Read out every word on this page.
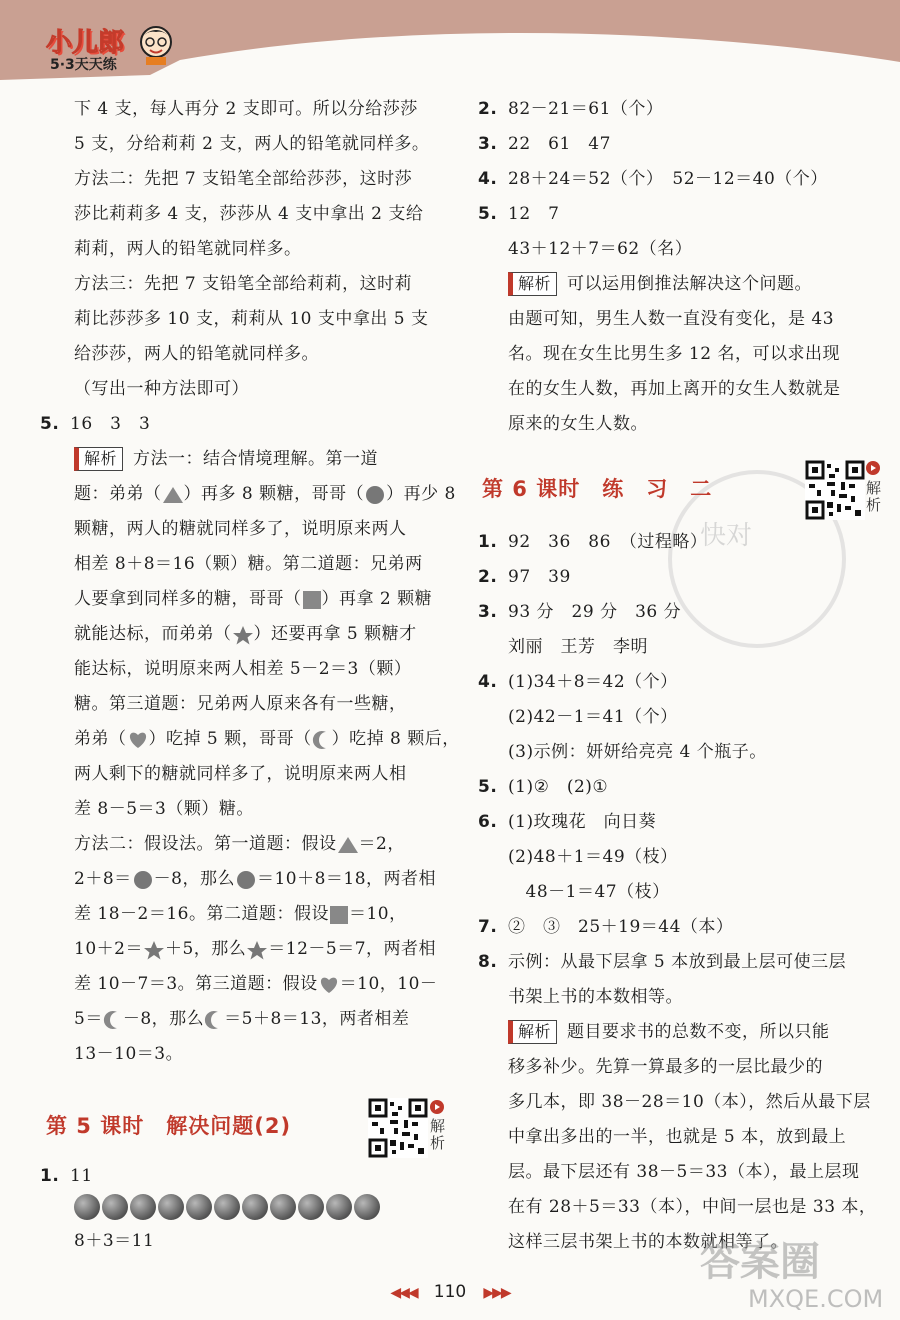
小儿郎
5·3天天练
快对
下 4 支，每人再分 2 支即可。所以分给莎莎
5 支，分给莉莉 2 支，两人的铅笔就同样多。
方法二：先把 7 支铅笔全部给莎莎，这时莎
莎比莉莉多 4 支，莎莎从 4 支中拿出 2 支给
莉莉，两人的铅笔就同样多。
方法三：先把 7 支铅笔全部给莉莉，这时莉
莉比莎莎多 10 支，莉莉从 10 支中拿出 5 支
给莎莎，两人的铅笔就同样多。
（写出一种方法即可）
5. 16　3　3
解析 方法一：结合情境理解。第一道
题：弟弟（ ）再多 8 颗糖，哥哥（ ）再少 8
颗糖，两人的糖就同样多了，说明原来两人
相差 8＋8＝16（颗）糖。第二道题：兄弟两
人要拿到同样多的糖，哥哥（ ）再拿 2 颗糖
就能达标，而弟弟（ ）还要再拿 5 颗糖才
能达标，说明原来两人相差 5－2＝3（颗）
糖。第三道题：兄弟两人原来各有一些糖，
弟弟（ ）吃掉 5 颗，哥哥（ ）吃掉 8 颗后，
两人剩下的糖就同样多了，说明原来两人相
差 8－5＝3（颗）糖。
方法二：假设法。第一道题：假设 ＝2，
2＋8＝ －8，那么 ＝10＋8＝18，两者相
差 18－2＝16。第二道题：假设 ＝10，
10＋2＝ ＋5，那么 ＝12－5＝7，两者相
差 10－7＝3。第三道题：假设 ＝10，10－
5＝ －8，那么 ＝5＋8＝13，两者相差
13－10＝3。
第 5 课时　解决问题(2)	解析
1. 11
8＋3＝11
2. 82－21＝61（个）
3. 22　61　47
4. 28＋24＝52（个）　52－12＝40（个）
5. 12　7
43＋12＋7＝62（名）
解析 可以运用倒推法解决这个问题。
由题可知，男生人数一直没有变化，是 43
名。现在女生比男生多 12 名，可以求出现
在的女生人数，再加上离开的女生人数就是
原来的女生人数。
第 6 课时　练　习　二	解析
1. 92　36　86　（过程略）
2. 97　39
3. 93 分　29 分　36 分
刘丽　王芳　李明
4. (1)34＋8＝42（个）
(2)42－1＝41（个）
(3)示例：妍妍给亮亮 4 个瓶子。
5. (1)②　(2)①
6. (1)玫瑰花　向日葵
(2)48＋1＝49（枝）
　48－1＝47（枝）
7. ②　③　25＋19＝44（本）
8. 示例：从最下层拿 5 本放到最上层可使三层
书架上书的本数相等。
解析 题目要求书的总数不变，所以只能
移多补少。先算一算最多的一层比最少的
多几本，即 38－28＝10（本），然后从最下层
中拿出多出的一半，也就是 5 本，放到最上
层。最下层还有 38－5＝33（本），最上层现
在有 28＋5＝33（本），中间一层也是 33 本，
这样三层书架上书的本数就相等了。
◀◀◀ 110 ▶▶▶
答案圈
MXQE.COM
